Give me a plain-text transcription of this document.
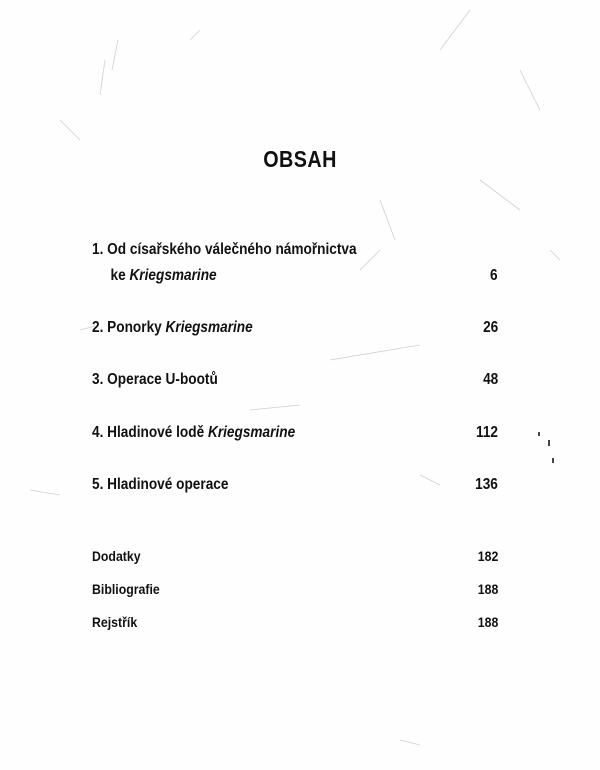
OBSAH
1. Od císařského válečného námořnictva
ke Kriegsmarine	6
2. Ponorky Kriegsmarine	26
3. Operace U-bootů	48
4. Hladinové lodě Kriegsmarine	112
5. Hladinové operace	136
Dodatky	182
Bibliografie	188
Rejstřík	188
